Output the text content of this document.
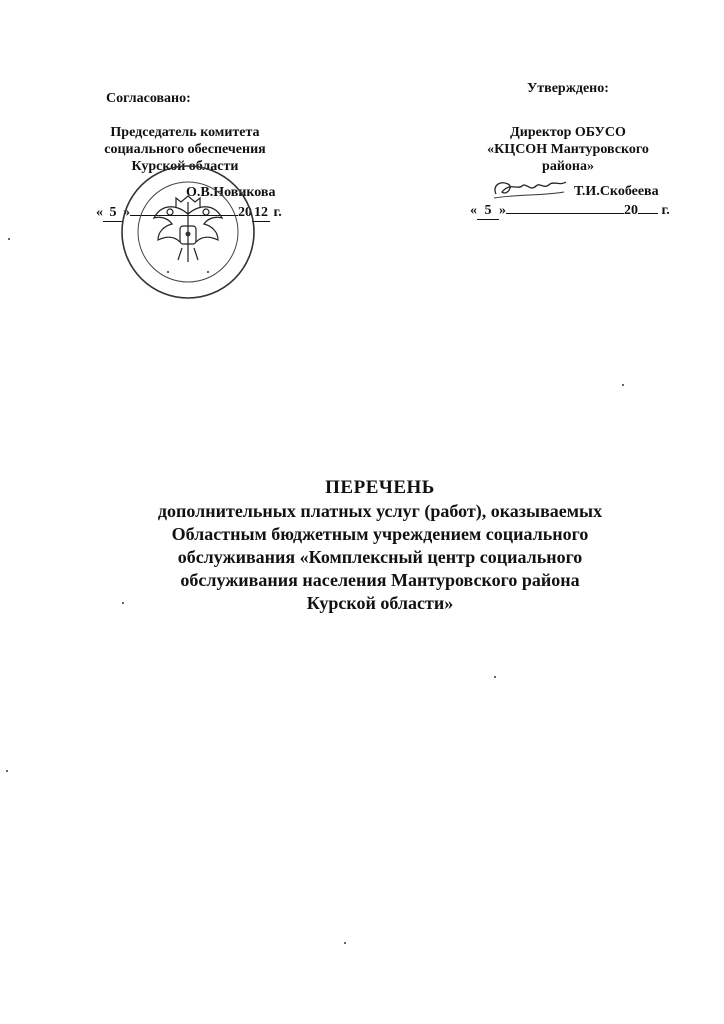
Согласовано:
Председатель комитета
социального обеспечения
Курской области
О.В.Новикова
« 5 »	20 12 г.
Утверждено:
Директор ОБУСО
«КЦСОН Мантуровского
района»
Т.И.Скобеева
« 5 »	20 г.
ПЕРЕЧЕНЬ
дополнительных платных услуг (работ), оказываемых
Областным бюджетным учреждением социального
обслуживания «Комплексный центр социального
обслуживания населения Мантуровского района
Курской области»
